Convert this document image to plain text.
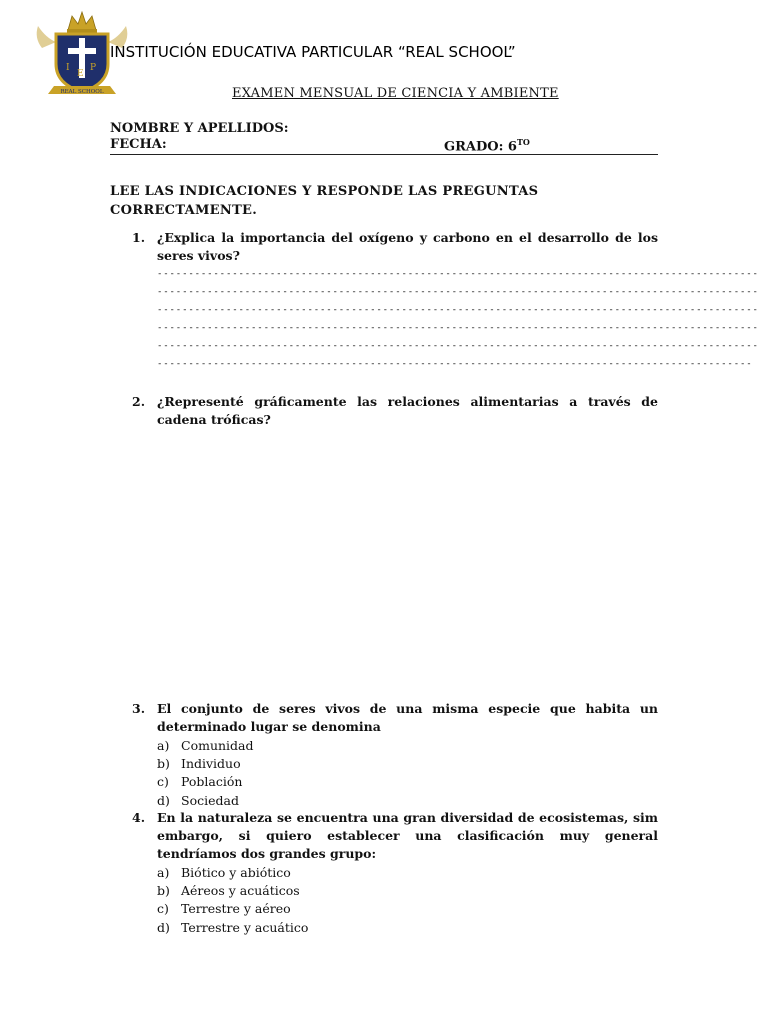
I
E
P
REAL SCHOOL
INSTITUCIÓN EDUCATIVA PARTICULAR “REAL SCHOOL”
EXAMEN MENSUAL DE CIENCIA Y AMBIENTE
NOMBRE Y APELLIDOS:
FECHA:	GRADO: $6^{TO}$
LEE LAS INDICACIONES Y RESPONDE LAS PREGUNTAS CORRECTAMENTE.
1. ¿Explica la importancia del oxígeno y carbono en el desarrollo de los seres vivos?
------------------------------------------------------------------------------------------------
------------------------------------------------------------------------------------------------
------------------------------------------------------------------------------------------------
------------------------------------------------------------------------------------------------
------------------------------------------------------------------------------------------------
-----------------------------------------------------------------------------------------------
2. ¿Representé gráficamente las relaciones alimentarias a través de cadena tróficas?
3. El conjunto de seres vivos de una misma especie que habita un determinado lugar se denomina
a) Comunidad
b) Individuo
c) Población
d) Sociedad
4. En la naturaleza se encuentra una gran diversidad de ecosistemas, sim embargo, si quiero establecer una clasificación muy general tendríamos dos grandes grupo:
a) Biótico y abiótico
b) Aéreos y acuáticos
c) Terrestre y aéreo
d) Terrestre y acuático
